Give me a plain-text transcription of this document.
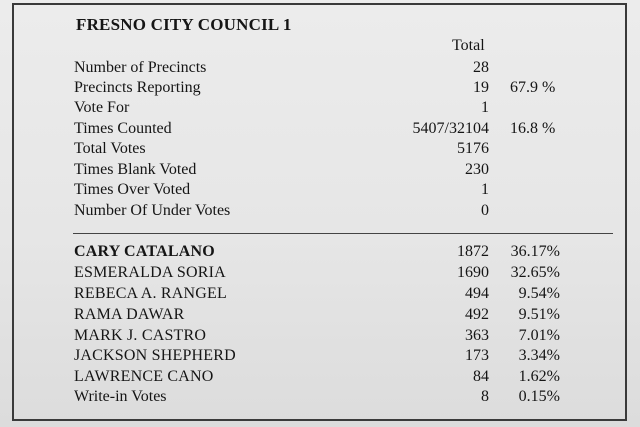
FRESNO CITY COUNCIL 1
Total
Number of Precincts	28
Precincts Reporting	19 67.9 %
Vote For	1
Times Counted	5407/32104 16.8 %
Total Votes	5176
Times Blank Voted	230
Times Over Voted	1
Number Of Under Votes	0
CARY CATALANO	1872	36.17%
ESMERALDA SORIA	1690	32.65%
REBECA A. RANGEL	494	9.54%
RAMA DAWAR	492	9.51%
MARK J. CASTRO	363	7.01%
JACKSON SHEPHERD	173	3.34%
LAWRENCE CANO	84	1.62%
Write-in Votes	8	0.15%
